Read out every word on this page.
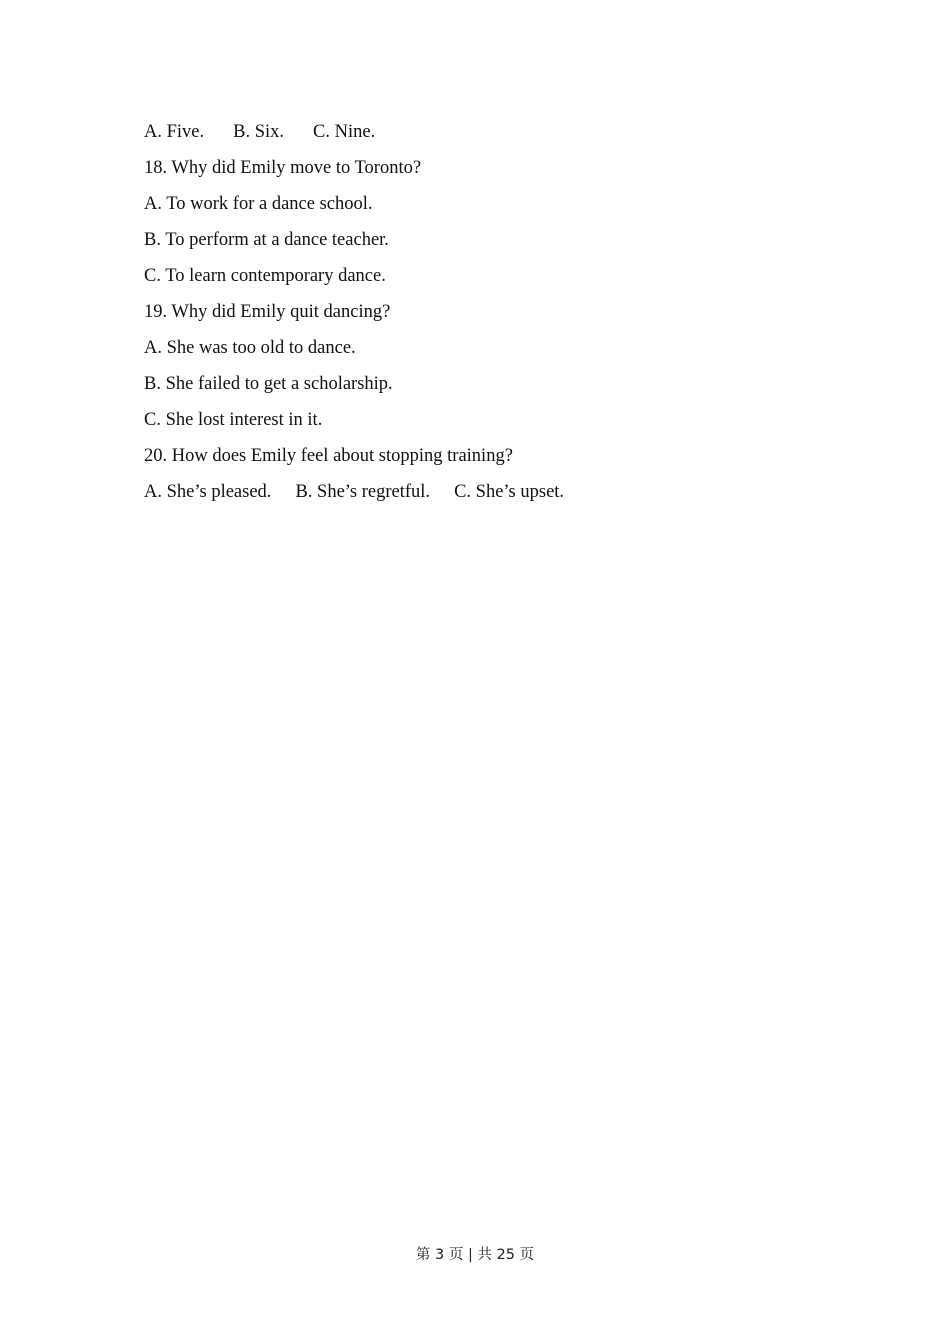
A. Five. B. Six. C. Nine.
18. Why did Emily move to Toronto?
A. To work for a dance school.
B. To perform at a dance teacher.
C. To learn contemporary dance.
19. Why did Emily quit dancing?
A. She was too old to dance.
B. She failed to get a scholarship.
C. She lost interest in it.
20. How does Emily feel about stopping training?
A. She’s pleased. B. She’s regretful. C. She’s upset.
第 3 页 | 共 25 页
